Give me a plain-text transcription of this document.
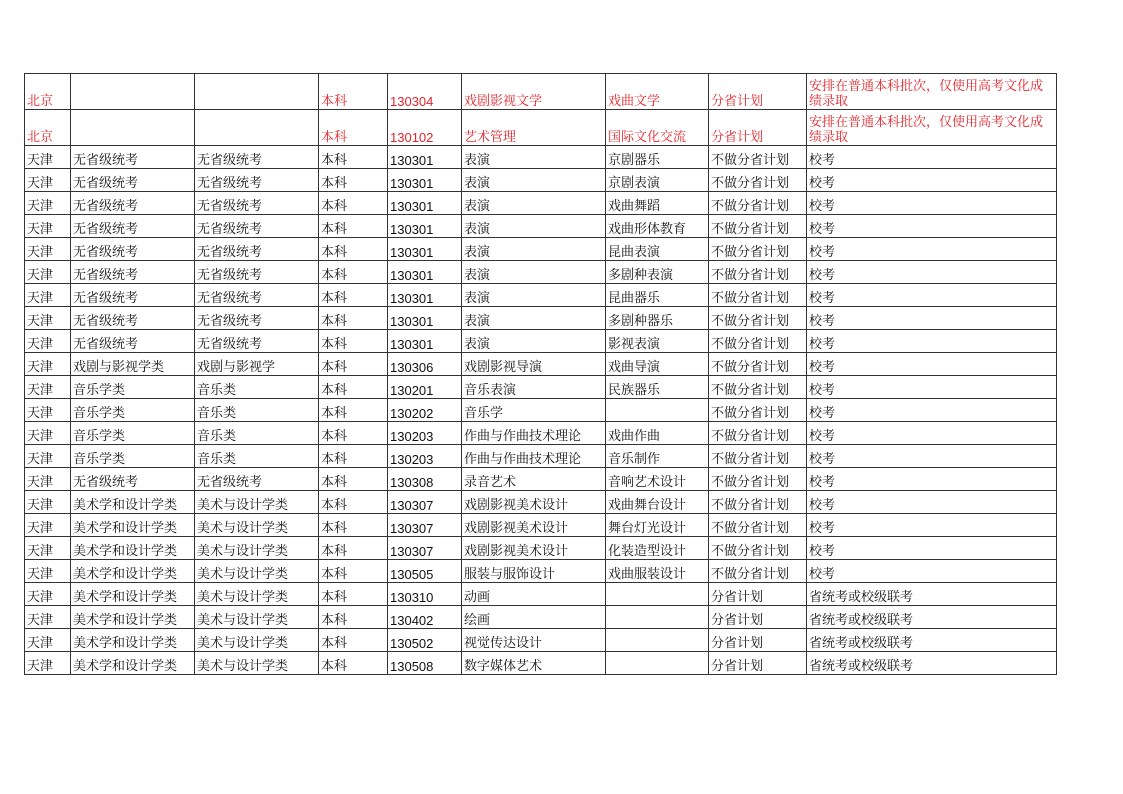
北京			本科	130304	戏剧影视文学	戏曲文学	分省计划	安排在普通本科批次，仅使用高考文化成绩录取
北京			本科	130102	艺术管理	国际文化交流	分省计划	安排在普通本科批次，仅使用高考文化成绩录取
天津	无省级统考	无省级统考	本科	130301	表演	京剧器乐	不做分省计划	校考
天津	无省级统考	无省级统考	本科	130301	表演	京剧表演	不做分省计划	校考
天津	无省级统考	无省级统考	本科	130301	表演	戏曲舞蹈	不做分省计划	校考
天津	无省级统考	无省级统考	本科	130301	表演	戏曲形体教育	不做分省计划	校考
天津	无省级统考	无省级统考	本科	130301	表演	昆曲表演	不做分省计划	校考
天津	无省级统考	无省级统考	本科	130301	表演	多剧种表演	不做分省计划	校考
天津	无省级统考	无省级统考	本科	130301	表演	昆曲器乐	不做分省计划	校考
天津	无省级统考	无省级统考	本科	130301	表演	多剧种器乐	不做分省计划	校考
天津	无省级统考	无省级统考	本科	130301	表演	影视表演	不做分省计划	校考
天津	戏剧与影视学类	戏剧与影视学	本科	130306	戏剧影视导演	戏曲导演	不做分省计划	校考
天津	音乐学类	音乐类	本科	130201	音乐表演	民族器乐	不做分省计划	校考
天津	音乐学类	音乐类	本科	130202	音乐学		不做分省计划	校考
天津	音乐学类	音乐类	本科	130203	作曲与作曲技术理论	戏曲作曲	不做分省计划	校考
天津	音乐学类	音乐类	本科	130203	作曲与作曲技术理论	音乐制作	不做分省计划	校考
天津	无省级统考	无省级统考	本科	130308	录音艺术	音响艺术设计	不做分省计划	校考
天津	美术学和设计学类	美术与设计学类	本科	130307	戏剧影视美术设计	戏曲舞台设计	不做分省计划	校考
天津	美术学和设计学类	美术与设计学类	本科	130307	戏剧影视美术设计	舞台灯光设计	不做分省计划	校考
天津	美术学和设计学类	美术与设计学类	本科	130307	戏剧影视美术设计	化装造型设计	不做分省计划	校考
天津	美术学和设计学类	美术与设计学类	本科	130505	服装与服饰设计	戏曲服装设计	不做分省计划	校考
天津	美术学和设计学类	美术与设计学类	本科	130310	动画		分省计划	省统考或校级联考
天津	美术学和设计学类	美术与设计学类	本科	130402	绘画		分省计划	省统考或校级联考
天津	美术学和设计学类	美术与设计学类	本科	130502	视觉传达设计		分省计划	省统考或校级联考
天津	美术学和设计学类	美术与设计学类	本科	130508	数字媒体艺术		分省计划	省统考或校级联考
